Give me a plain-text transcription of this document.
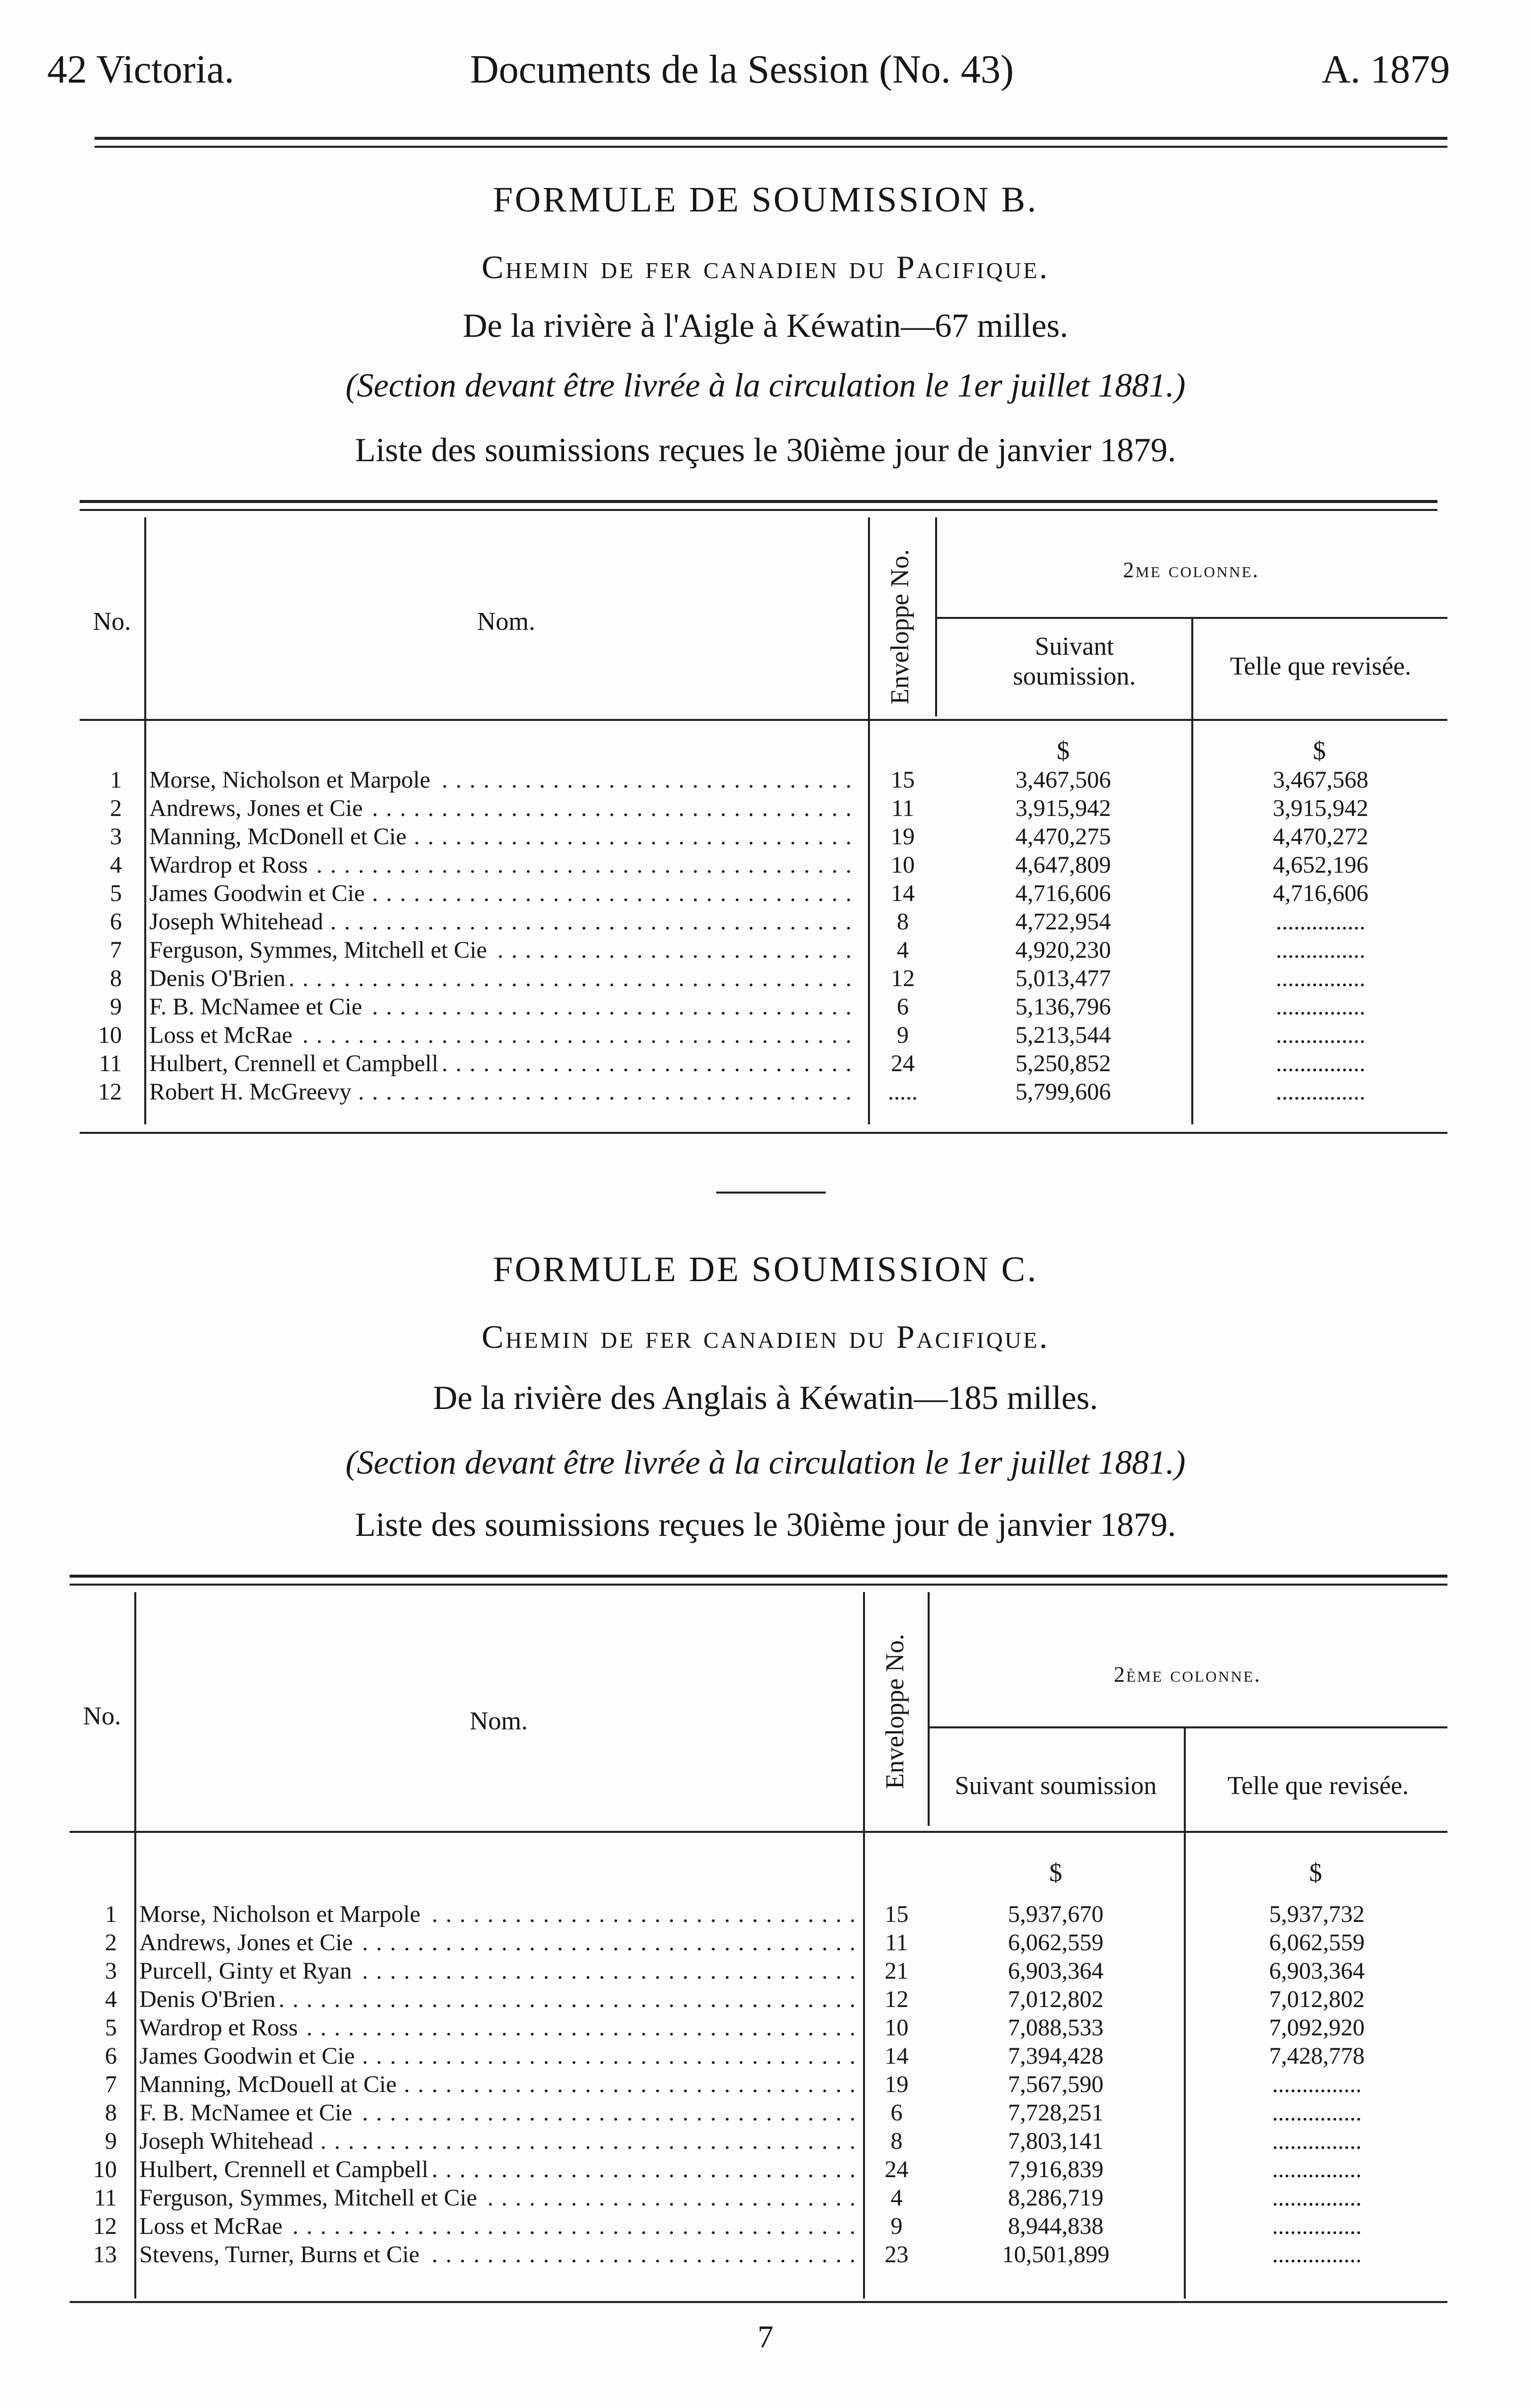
42 Victoria.	Documents de la Session (No. 43)	A. 1879
FORMULE DE SOUMISSION B.
Chemin de fer canadien du Pacifique.
De la rivière à l'Aigle à Kéwatin—67 milles.
(Section devant être livrée à la circulation le 1er juillet 1881.)
Liste des soumissions reçues le 30ième jour de janvier 1879.
No.	Nom.	Enveloppe No.	2me colonne.
Suivant soumission.	Telle que revisée.
$	$
1 Morse, Nicholson et Marpole . . .	15	3,467,506	3,467,568
2 Andrews, Jones et Cie . . .	11	3,915,942	3,915,942
3 Manning, McDonell et Cie . . .	19	4,470,275	4,470,272
4 Wardrop et Ross . . .	10	4,647,809	4,652,196
5 James Goodwin et Cie . . .	14	4,716,606	4,716,606
6 Joseph Whitehead . . .	8	4,722,954	...............
7 Ferguson, Symmes, Mitchell et Cie . . .	4	4,920,230	...............
8 Denis O'Brien . . .	12	5,013,477	...............
9 F. B. McNamee et Cie . . .	6	5,136,796	...............
10 Loss et McRae . . .	9	5,213,544	...............
11 Hulbert, Crennell et Campbell . . .	24	5,250,852	...............
12 Robert H. McGreevy . . .	.....	5,799,606	...............
FORMULE DE SOUMISSION C.
Chemin de fer canadien du Pacifique.
De la rivière des Anglais à Kéwatin—185 milles.
(Section devant être livrée à la circulation le 1er juillet 1881.)
Liste des soumissions reçues le 30ième jour de janvier 1879.
No.	Nom.	Enveloppe No.	2ème colonne.
Suivant soumission	Telle que revisée.
$	$
1 Morse, Nicholson et Marpole . . .	15	5,937,670	5,937,732
2 Andrews, Jones et Cie . . .	11	6,062,559	6,062,559
3 Purcell, Ginty et Ryan . . .	21	6,903,364	6,903,364
4 Denis O'Brien . . .	12	7,012,802	7,012,802
5 Wardrop et Ross . . .	10	7,088,533	7,092,920
6 James Goodwin et Cie . . .	14	7,394,428	7,428,778
7 Manning, McDouell at Cie . . .	19	7,567,590	...............
8 F. B. McNamee et Cie . . .	6	7,728,251	...............
9 Joseph Whitehead . . .	8	7,803,141	...............
10 Hulbert, Crennell et Campbell . . .	24	7,916,839	...............
11 Ferguson, Symmes, Mitchell et Cie . . .	4	8,286,719	...............
12 Loss et McRae . . .	9	8,944,838	...............
13 Stevens, Turner, Burns et Cie . . .	23	10,501,899	...............
7
